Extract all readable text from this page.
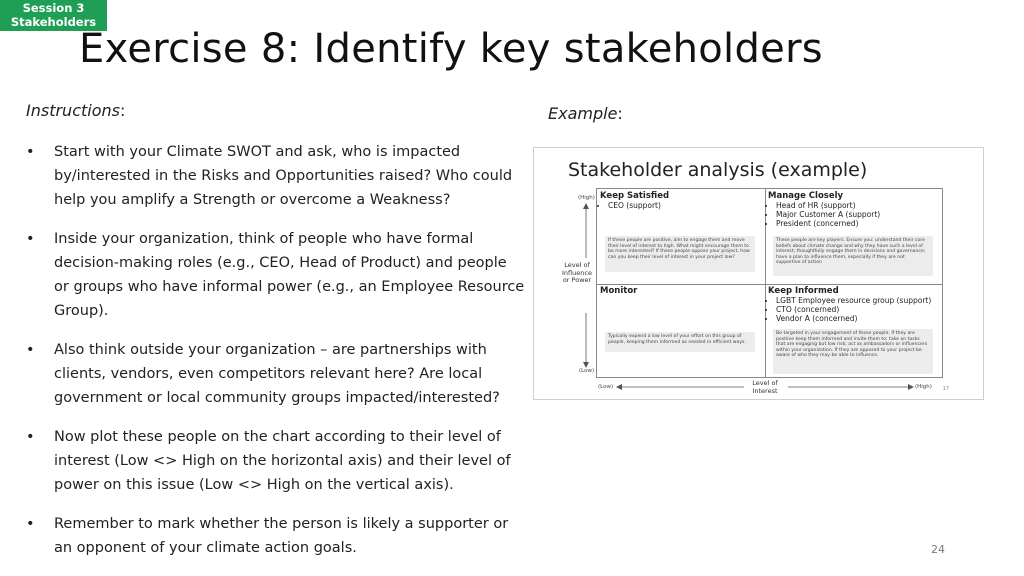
Session 3
Stakeholders
Exercise 8: Identify key stakeholders
Instructions:
• Start with your Climate SWOT and ask, who is impacted by/interested in the Risks and Opportunities raised? Who could help you amplify a Strength or overcome a Weakness?
• Inside your organization, think of people who have formal decision-making roles (e.g., CEO, Head of Product) and people or groups who have informal power (e.g., an Employee Resource Group).
• Also think outside your organization – are partnerships with clients, vendors, even competitors relevant here? Are local government or local community groups impacted/interested?
• Now plot these people on the chart according to their level of interest (Low <> High on the horizontal axis) and their level of power on this issue (Low <> High on the vertical axis).
• Remember to mark whether the person is likely a supporter or an opponent of your climate action goals.
Example:
Stakeholder analysis (example)
(High)
(Low)
Level of Influence or Power
(Low)	(High)
Level of Interest
Keep Satisfied
• CEO (support)
If these people are positive, aim to engage them and move their level of interest to high. What might encourage them to be more interested? If these people oppose your project, how can you keep their level of interest in your project low?
Manage Closely
• Head of HR (support)
• Major Customer A (support)
• President (concerned)
These people are key players. Ensure you: understand their core beliefs about climate change and why they have such a level of interest; thoughtfully engage them in decisions and governance; have a plan to influence them, especially if they are not supportive of action
Monitor
Typically expend a low level of your effort on this group of people, keeping them informed as needed in efficient ways.
Keep Informed
• LGBT Employee resource group (support)
• CTO (concerned)
• Vendor A (concerned)
Be targeted in your engagement of these people. If they are positive keep them informed and invite them to: take on tasks that are engaging but low risk; act as ambassadors or influencers within your organization. If they are opposed to your project be aware of who they may be able to influence.
17
24
